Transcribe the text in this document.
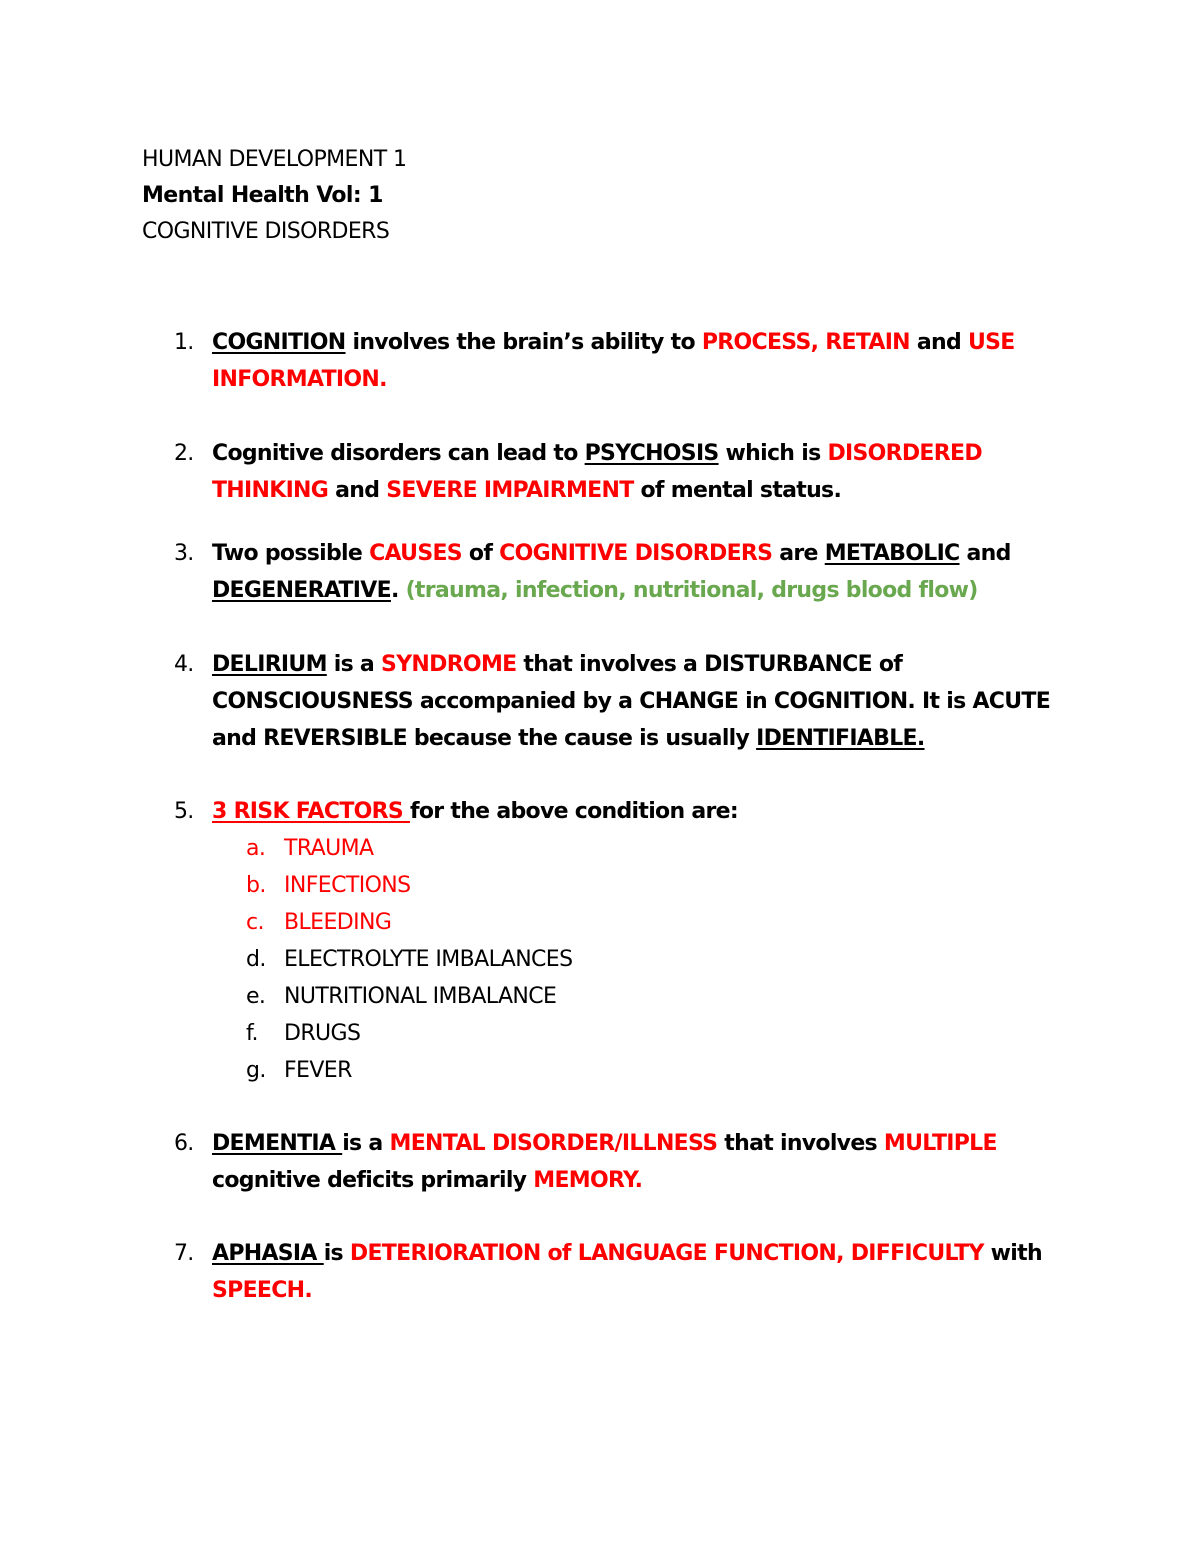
HUMAN DEVELOPMENT 1
Mental Health Vol: 1
COGNITIVE DISORDERS
1. COGNITION involves the brain’s ability to PROCESS, RETAIN and USE
INFORMATION.
2. Cognitive disorders can lead to PSYCHOSIS which is DISORDERED
THINKING and SEVERE IMPAIRMENT of mental status.
3. Two possible CAUSES of COGNITIVE DISORDERS are METABOLIC and
DEGENERATIVE. (trauma, infection, nutritional, drugs blood flow)
4. DELIRIUM is a SYNDROME that involves a DISTURBANCE of
CONSCIOUSNESS accompanied by a CHANGE in COGNITION. It is ACUTE
and REVERSIBLE because the cause is usually IDENTIFIABLE.
5. 3 RISK FACTORS for the above condition are:
a. TRAUMA
b. INFECTIONS
c. BLEEDING
d. ELECTROLYTE IMBALANCES
e. NUTRITIONAL IMBALANCE
f. DRUGS
g. FEVER
6. DEMENTIA is a MENTAL DISORDER/ILLNESS that involves MULTIPLE
cognitive deficits primarily MEMORY.
7. APHASIA is DETERIORATION of LANGUAGE FUNCTION, DIFFICULTY with
SPEECH.
